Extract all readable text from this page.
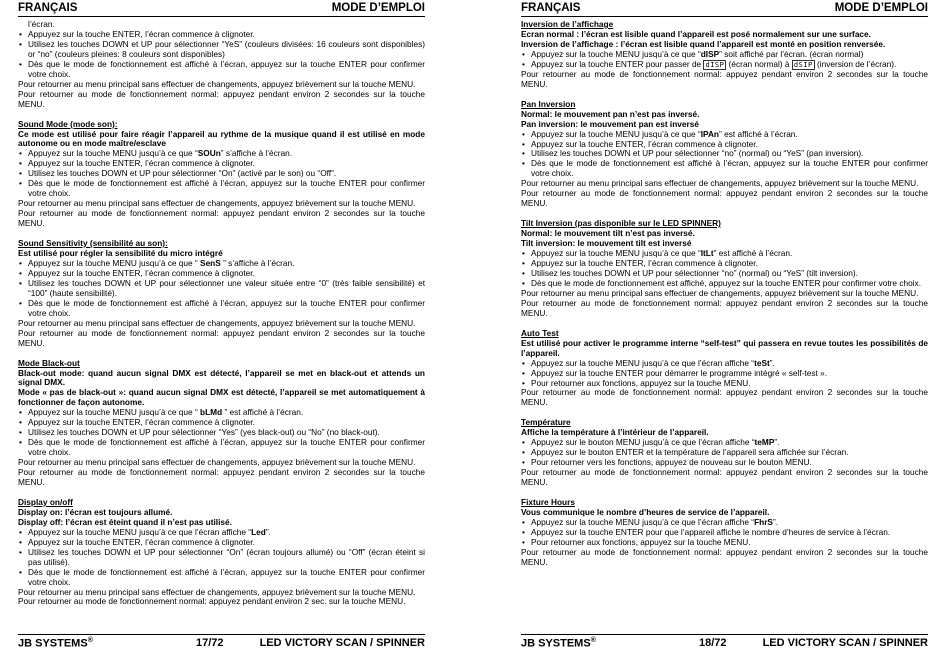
FRANÇAIS	MODE D’EMPLOI

l’écran.

• Appuyez sur la touche ENTER, l’écran commence à clignoter.
• Utilisez les touches DOWN et UP pour sélectionner “YeS” (couleurs divisées: 16 couleurs sont disponibles) or “no” (couleurs pleines: 8 couleurs sont disponibles)
• Dès que le mode de fonctionnement est affiché à l’écran, appuyez sur la touche ENTER pour confirmer votre choix.

Pour retourner au menu principal sans effectuer de changements, appuyez brièvement sur la touche MENU.

Pour retourner au mode de fonctionnement normal: appuyez pendant environ 2 secondes sur la touche MENU.

Sound Mode (mode son):

Ce mode est utilisé pour faire réagir l’appareil au rythme de la musique quand il est utilisé en mode autonome ou en mode maître/esclave

• Appuyez sur la touche MENU jusqu’à ce que “SOUn” s’affiche à l’écran.
• Appuyez sur la touche ENTER, l’écran commence à clignoter.
• Utilisez les touches DOWN et UP pour sélectionner “On” (activé par le son) ou “Off”.
• Dès que le mode de fonctionnement est affiché à l’écran, appuyez sur la touche ENTER pour confirmer votre choix.

Pour retourner au menu principal sans effectuer de changements, appuyez brièvement sur la touche MENU.

Pour retourner au mode de fonctionnement normal: appuyez pendant environ 2 secondes sur la touche MENU.

Sound Sensitivity (sensibilité au son):

Est utilisé pour régler la sensibilité du micro intégré

• Appuyez sur la touche MENU jusqu’à ce que “ SenS ” s’affiche à l’écran.
• Appuyez sur la touche ENTER, l’écran commence à clignoter.
• Utilisez les touches DOWN et UP pour sélectionner une valeur située entre “0” (très faible sensibilité) et “100” (haute sensibilité).
• Dès que le mode de fonctionnement est affiché à l’écran, appuyez sur la touche ENTER pour confirmer votre choix.

Pour retourner au menu principal sans effectuer de changements, appuyez brièvement sur la touche MENU.

Pour retourner au mode de fonctionnement normal: appuyez pendant environ 2 secondes sur la touche MENU.

Mode Black-out

Black-out mode: quand aucun signal DMX est détecté, l’appareil se met en black-out et attends un signal DMX.

Mode « pas de black-out »: quand aucun signal DMX est détecté, l’appareil se met automatiquement à fonctionner de façon autonome.

• Appuyez sur la touche MENU jusqu’à ce que “ bLMd ” est affiché à l’écran.
• Appuyez sur la touche ENTER, l’écran commence à clignoter.
• Utilisez les touches DOWN et UP pour sélectionner “Yes” (yes black-out) ou “No” (no black-out).
• Dès que le mode de fonctionnement est affiché à l’écran, appuyez sur la touche ENTER pour confirmer votre choix.

Pour retourner au menu principal sans effectuer de changements, appuyez brièvement sur la touche MENU.

Pour retourner au mode de fonctionnement normal: appuyez pendant environ 2 secondes sur la touche MENU.

Display on/off

Display on: l’écran est toujours allumé.

Display off: l’écran est éteint quand il n’est pas utilisé.

• Appuyez sur la touche MENU jusqu’à ce que l’écran affiche “Led”.
• Appuyez sur la touche ENTER, l’écran commence à clignoter.
• Utilisez les touches DOWN et UP pour sélectionner “On” (écran toujours allumé) ou “Off” (écran éteint si pas utilisé).
• Dès que le mode de fonctionnement est affiché à l’écran, appuyez sur la touche ENTER pour confirmer votre choix.

Pour retourner au menu principal sans effectuer de changements, appuyez brièvement sur la touche MENU.

Pour retourner au mode de fonctionnement normal: appuyez pendant environ 2 sec. sur la touche MENU.

JB SYSTEMS®	17/72	LED VICTORY SCAN / SPINNER
FRANÇAIS	MODE D’EMPLOI

Inversion de l’affichage

Ecran normal : l’écran est lisible quand l’appareil est posé normalement sur une surface.

Inversion de l’affichage : l’écran est lisible quand l’appareil est monté en position renversée.

• Appuyez sur la touche MENU jusqu’à ce que “dISP” soit affiché par l’écran. (écran normal)
• Appuyez sur la touche ENTER pour passer de dISP (écran normal) à dSIP (inversion de l’écran).

Pour retourner au mode de fonctionnement normal: appuyez pendant environ 2 secondes sur la touche MENU.

Pan Inversion

Normal: le mouvement pan n’est pas inversé.

Pan inversion: le mouvement pan est inversé

• Appuyez sur la touche MENU jusqu’à ce que “IPAn” est affiché à l’écran.
• Appuyez sur la touche ENTER, l’écran commence à clignoter.
• Utilisez les touches DOWN et UP pour sélectionner “no” (normal) ou “YeS” (pan inversion).
• Dès que le mode de fonctionnement est affiché à l’écran, appuyez sur la touche ENTER pour confirmer votre choix.

Pour retourner au menu principal sans effectuer de changements, appuyez brièvement sur la touche MENU.

Pour retourner au mode de fonctionnement normal: appuyez pendant environ 2 secondes sur la touche MENU.

Tilt Inversion (pas disponible sur le LED SPINNER)

Normal: le mouvement tilt n’est pas inversé.

Tilt inversion: le mouvement tilt est inversé

• Appuyez sur la touche MENU jusqu’à ce que “ItLt” est affiché à l’écran.
• Appuyez sur la touche ENTER, l’écran commence à clignoter.
• Utilisez les touches DOWN et UP pour sélectionner “no” (normal) ou “YeS” (tilt inversion).
• Dès que le mode de fonctionnement est affiché, appuyez sur la touche ENTER pour confirmer votre choix.

Pour retourner au menu principal sans effectuer de changements, appuyez brièvement sur la touche MENU.

Pour retourner au mode de fonctionnement normal: appuyez pendant environ 2 secondes sur la touche MENU.

Auto Test

Est utilisé pour activer le programme interne “self-test” qui passera en revue toutes les possibilités de l’appareil.

• Appuyez sur la touche MENU jusqu’à ce que l’écran affiche “teSt”.
• Appuyez sur la touche ENTER pour démarrer le programme intégré « self-test ».
• Pour retourner aux fonctions, appuyez sur la touche MENU.

Pour retourner au mode de fonctionnement normal: appuyez pendant environ 2 secondes sur la touche MENU.

Température

Affiche la température à l’intérieur de l’appareil.

• Appuyez sur le bouton MENU jusqu’à ce que l’écran affiche “teMP”.
• Appuyez sur le bouton ENTER et la température de l’appareil sera affichée sur l’écran.
• Pour retourner vers les fonctions, appuyez de nouveau sur le bouton MENU.

Pour retourner au mode de fonctionnement normal: appuyez pendant environ 2 secondes sur la touche MENU.

Fixture Hours

Vous communique le nombre d’heures de service de l’appareil.

• Appuyez sur la touche MENU jusqu’à ce que l’écran affiche “FhrS”.
• Appuyez sur la touche ENTER pour que l’appareil affiche le nombre d’heures de service à l’écran.
• Pour retourner aux fonctions, appuyez sur la touche MENU.

Pour retourner au mode de fonctionnement normal: appuyez pendant environ 2 secondes sur la touche MENU.

JB SYSTEMS®	18/72	LED VICTORY SCAN / SPINNER
